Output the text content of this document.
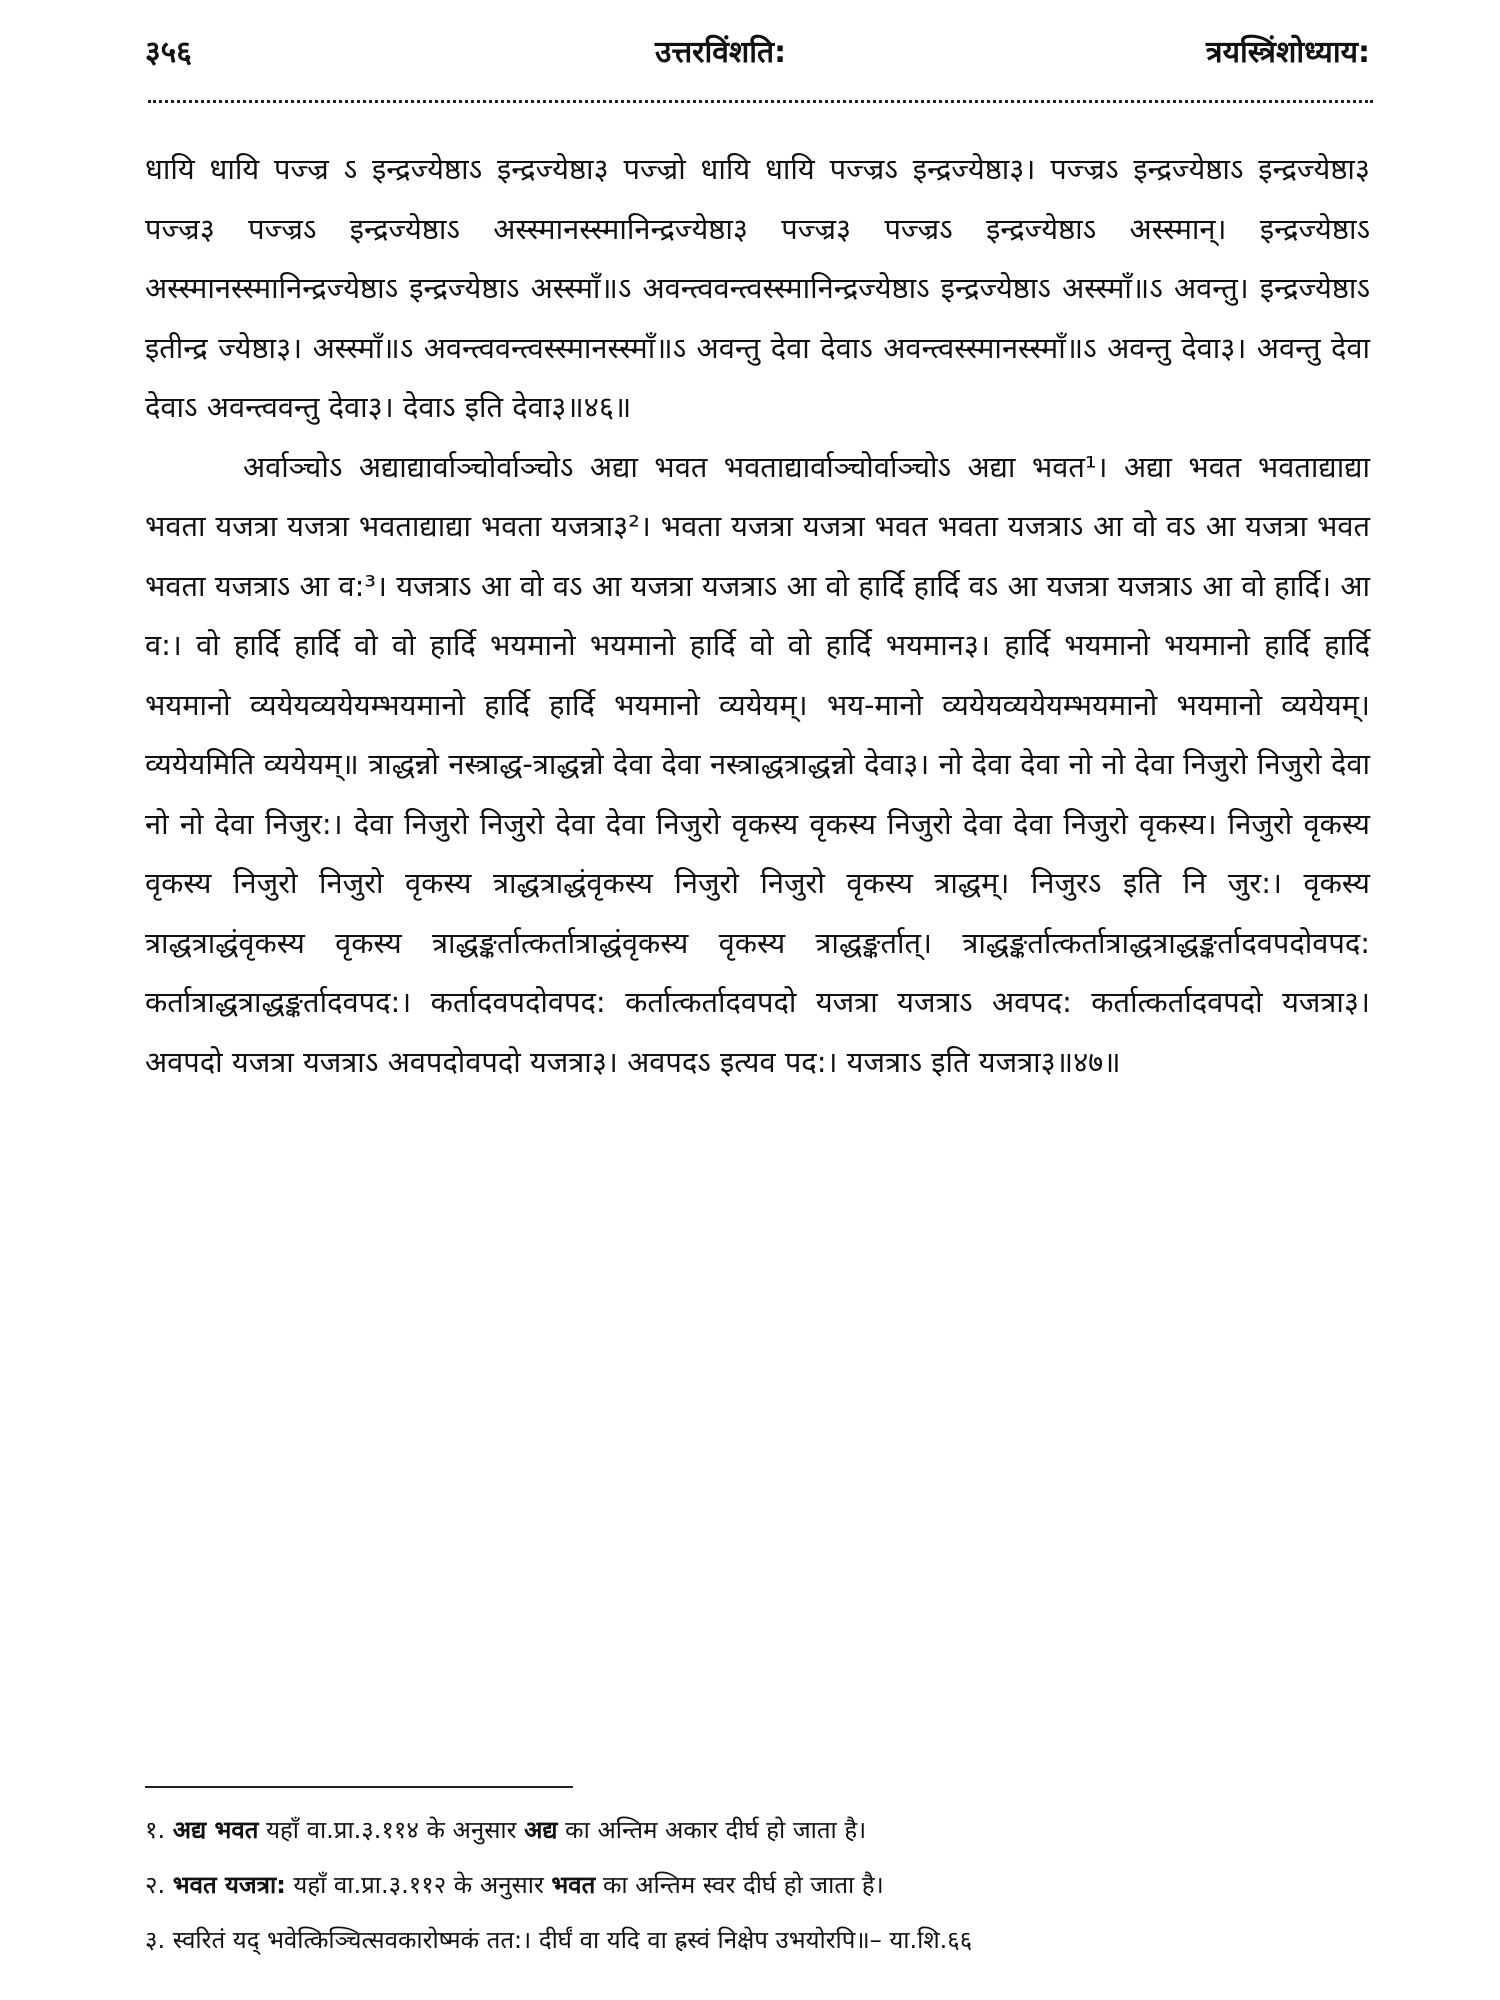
३५६	उत्तरविंशति:	त्रयस्त्रिंशोध्याय:

धायि धायि पज्ज्र ऽ इन्द्रज्येष्ठाऽ इन्द्रज्येष्ठा३ पज्ज्रो धायि धायि पज्ज्रऽ इन्द्रज्येष्ठा३। पज्ज्रऽ इन्द्रज्येष्ठाऽ इन्द्रज्येष्ठा३ पज्ज्र३ पज्ज्रऽ इन्द्रज्येष्ठाऽ अस्स्मानस्स्मानिन्द्रज्येष्ठा३ पज्ज्र३ पज्ज्रऽ इन्द्रज्येष्ठाऽ अस्स्मान्। इन्द्रज्येष्ठाऽ अस्स्मानस्स्मानिन्द्रज्येष्ठाऽ इन्द्रज्येष्ठाऽ अस्स्माँ॥ऽ अवन्त्ववन्त्वस्स्मानिन्द्रज्येष्ठाऽ इन्द्रज्येष्ठाऽ अस्स्माँ॥ऽ अवन्तु। इन्द्रज्येष्ठाऽ इतीन्द्र ज्येष्ठा३। अस्स्माँ॥ऽ अवन्त्ववन्त्वस्स्मानस्स्माँ॥ऽ अवन्तु देवा देवाऽ अवन्त्वस्स्मानस्स्माँ॥ऽ अवन्तु देवा३। अवन्तु देवा देवाऽ अवन्त्ववन्तु देवा३। देवाऽ इति देवा३॥४६॥

अर्वाञ्चोऽ अद्याद्यार्वाञ्चोर्वाञ्चोऽ अद्या भवत भवताद्यार्वाञ्चोर्वाञ्चोऽ अद्या भवत¹। अद्या भवत भवताद्याद्या भवता यजत्रा यजत्रा भवताद्याद्या भवता यजत्रा३²। भवता यजत्रा यजत्रा भवत भवता यजत्राऽ आ वो वऽ आ यजत्रा भवत भवता यजत्राऽ आ व:³। यजत्राऽ आ वो वऽ आ यजत्रा यजत्राऽ आ वो हार्दि हार्दि वऽ आ यजत्रा यजत्राऽ आ वो हार्दि। आ व:। वो हार्दि हार्दि वो वो हार्दि भयमानो भयमानो हार्दि वो वो हार्दि भयमान३। हार्दि भयमानो भयमानो हार्दि हार्दि भयमानो व्ययेयव्ययेयम्भयमानो हार्दि हार्दि भयमानो व्ययेयम्। भय-मानो व्ययेयव्ययेयम्भयमानो भयमानो व्ययेयम्। व्ययेयमिति व्ययेयम्॥ त्राद्धन्नो नस्त्राद्ध-त्राद्धन्नो देवा देवा नस्त्राद्धत्राद्धन्नो देवा३। नो देवा देवा नो नो देवा निजुरो निजुरो देवा नो नो देवा निजुर:। देवा निजुरो निजुरो देवा देवा निजुरो वृकस्य वृकस्य निजुरो देवा देवा निजुरो वृकस्य। निजुरो वृकस्य वृकस्य निजुरो निजुरो वृकस्य त्राद्धत्राद्धंवृकस्य निजुरो निजुरो वृकस्य त्राद्धम्। निजुरऽ इति नि जुर:। वृकस्य त्राद्धत्राद्धंवृकस्य वृकस्य त्राद्धङ्कर्तात्कर्तात्राद्धंवृकस्य वृकस्य त्राद्धङ्कर्तात्। त्राद्धङ्कर्तात्कर्तात्राद्धत्राद्धङ्कर्तादवपदोवपद: कर्तात्राद्धत्राद्धङ्कर्तादवपद:। कर्तादवपदोवपद: कर्तात्कर्तादवपदो यजत्रा यजत्राऽ अवपद: कर्तात्कर्तादवपदो यजत्रा३। अवपदो यजत्रा यजत्राऽ अवपदोवपदो यजत्रा३। अवपदऽ इत्यव पद:। यजत्राऽ इति यजत्रा३॥४७॥

१. अद्य भवत यहाँ वा.प्रा.३.११४ के अनुसार अद्य का अन्तिम अकार दीर्घ हो जाता है।
२. भवत यजत्रा: यहाँ वा.प्रा.३.११२ के अनुसार भवत का अन्तिम स्वर दीर्घ हो जाता है।
३. स्वरितं यद् भवेत्किञ्चित्सवकारोष्मकं तत:। दीर्घं वा यदि वा ह्रस्वं निक्षेप उभयोरपि॥– या.शि.६६
